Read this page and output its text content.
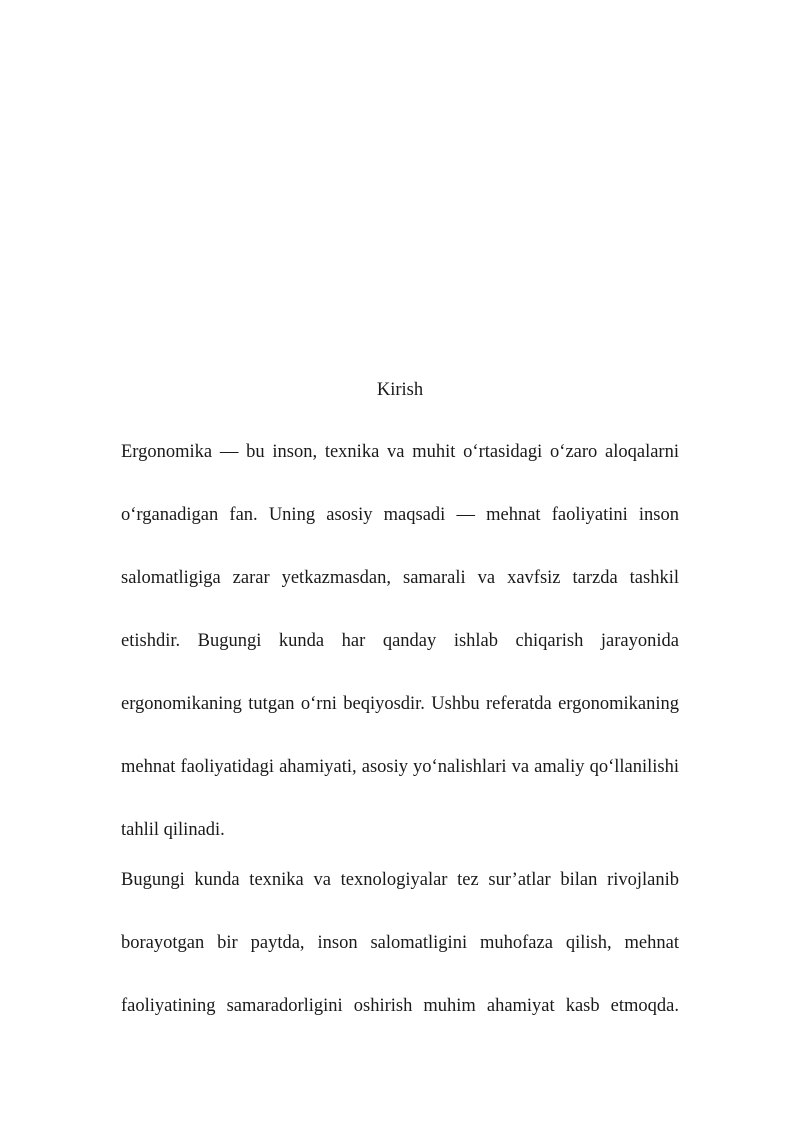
Kirish

Ergonomika — bu inson, texnika va muhit o‘rtasidagi o‘zaro aloqalarni o‘rganadigan fan. Uning asosiy maqsadi — mehnat faoliyatini inson salomatligiga zarar yetkazmasdan, samarali va xavfsiz tarzda tashkil etishdir. Bugungi kunda har qanday ishlab chiqarish jarayonida ergonomikaning tutgan o‘rni beqiyosdir. Ushbu referatda ergonomikaning mehnat faoliyatidagi ahamiyati, asosiy yo‘nalishlari va amaliy qo‘llanilishi tahlil qilinadi.

Bugungi kunda texnika va texnologiyalar tez sur’atlar bilan rivojlanib borayotgan bir paytda, inson salomatligini muhofaza qilish, mehnat faoliyatining samaradorligini oshirish muhim ahamiyat kasb etmoqda.
